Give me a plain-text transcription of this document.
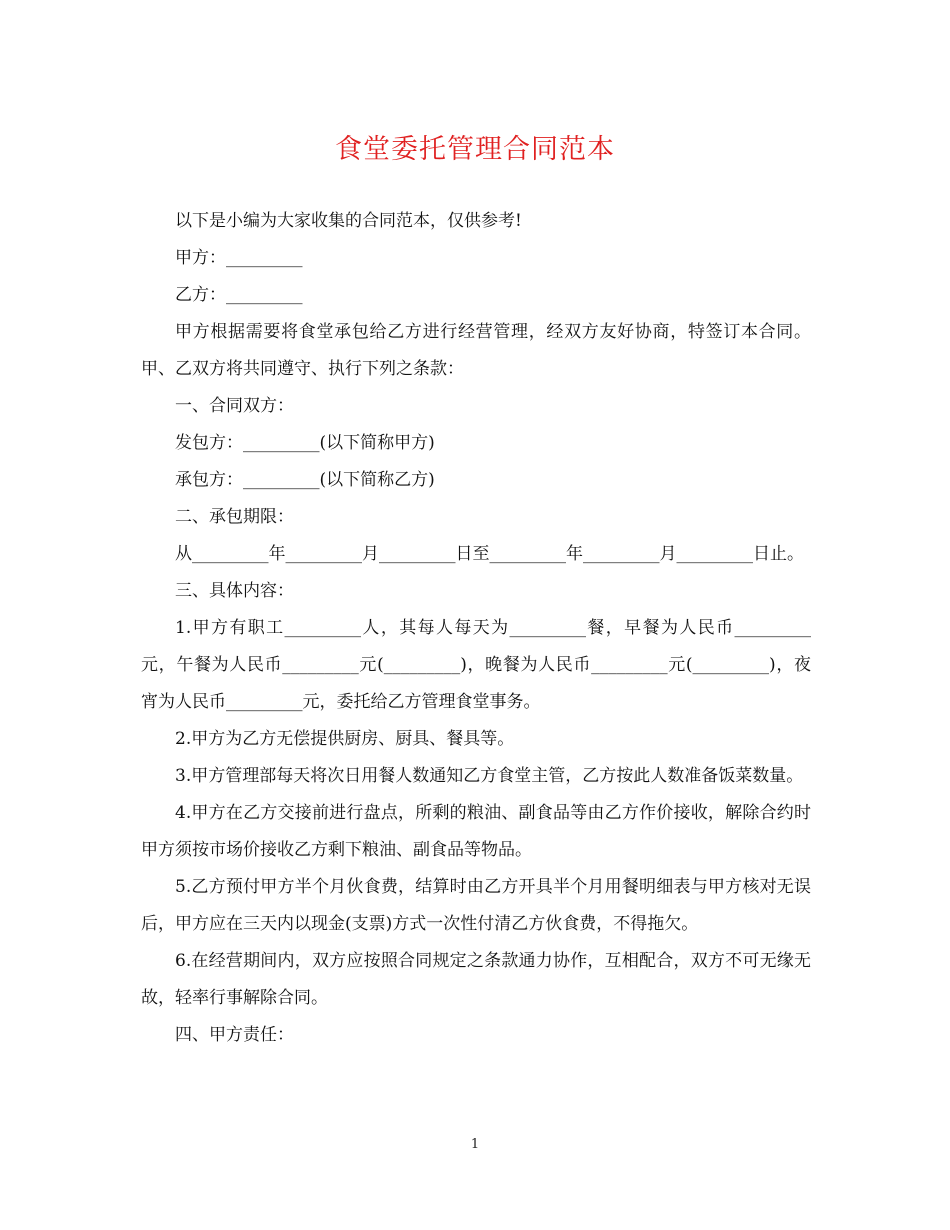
食堂委托管理合同范本

以下是小编为大家收集的合同范本，仅供参考!

甲方：_________

乙方：_________

甲方根据需要将食堂承包给乙方进行经营管理，经双方友好协商，特签订本合同。甲、乙双方将共同遵守、执行下列之条款：

一、合同双方：

发包方：_________(以下简称甲方)

承包方：_________(以下简称乙方)

二、承包期限：

从_________年_________月_________日至_________年_________月_________日止。

三、具体内容：

1.甲方有职工_________人，其每人每天为_________餐，早餐为人民币_________元，午餐为人民币_________元(_________)，晚餐为人民币_________元(_________)，夜宵为人民币_________元，委托给乙方管理食堂事务。

2.甲方为乙方无偿提供厨房、厨具、餐具等。

3.甲方管理部每天将次日用餐人数通知乙方食堂主管，乙方按此人数准备饭菜数量。

4.甲方在乙方交接前进行盘点，所剩的粮油、副食品等由乙方作价接收，解除合约时甲方须按市场价接收乙方剩下粮油、副食品等物品。

5.乙方预付甲方半个月伙食费，结算时由乙方开具半个月用餐明细表与甲方核对无误后，甲方应在三天内以现金(支票)方式一次性付清乙方伙食费，不得拖欠。

6.在经营期间内，双方应按照合同规定之条款通力协作，互相配合，双方不可无缘无故，轻率行事解除合同。

四、甲方责任：

1
